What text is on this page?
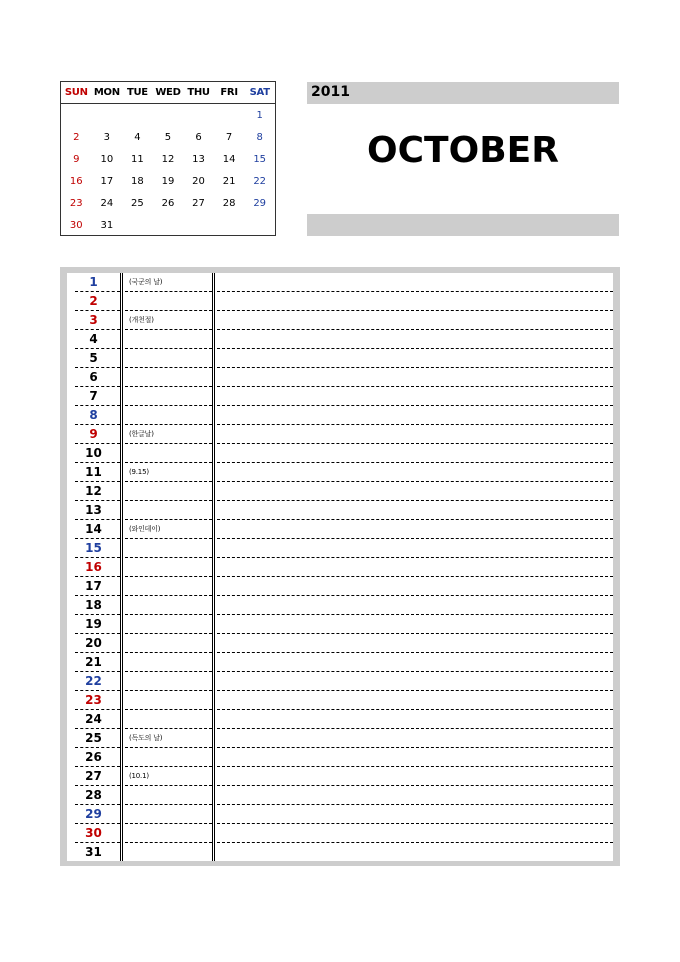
SUN	MON	TUE	WED	THU	FRI	SAT
						1
2	3	4	5	6	7	8
9	10	11	12	13	14	15
16	17	18	19	20	21	22
23	24	25	26	27	28	29
30	31					
2011
OCTOBER
1	(국군의 날)
2
3	(개천절)
4
5
6
7
8
9	(한글날)
10
11	(9.15)
12
13
14	(와인데이)
15
16
17
18
19
20
21
22
23
24
25	(독도의 날)
26
27	(10.1)
28
29
30
31
